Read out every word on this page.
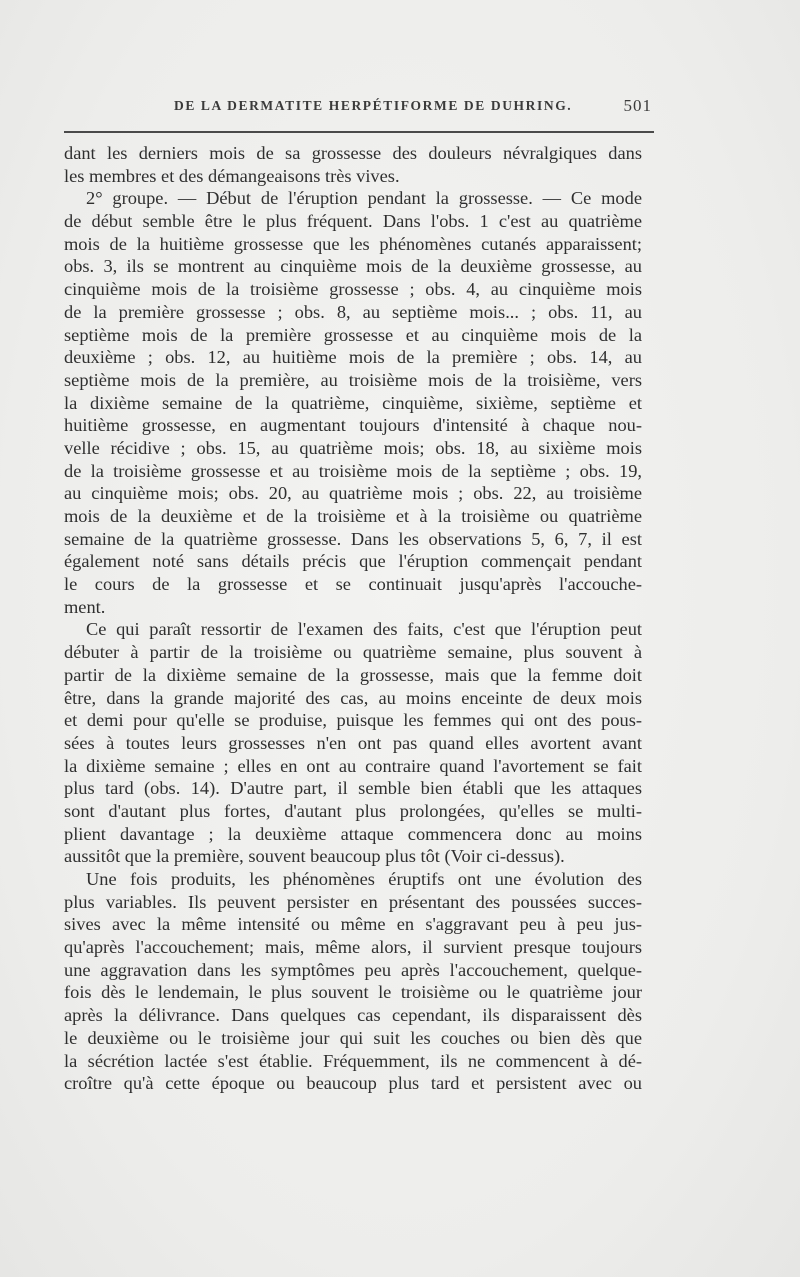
DE LA DERMATITE HERPÉTIFORME DE DUHRING.	501
dant les derniers mois de sa grossesse des douleurs névralgiques dans
les membres et des démangeaisons très vives.
2° groupe. — Début de l'éruption pendant la grossesse. — Ce mode
de début semble être le plus fréquent. Dans l'obs. 1 c'est au quatrième
mois de la huitième grossesse que les phénomènes cutanés apparaissent;
obs. 3, ils se montrent au cinquième mois de la deuxième grossesse, au
cinquième mois de la troisième grossesse ; obs. 4, au cinquième mois
de la première grossesse ; obs. 8, au septième mois... ; obs. 11, au
septième mois de la première grossesse et au cinquième mois de la
deuxième ; obs. 12, au huitième mois de la première ; obs. 14, au
septième mois de la première, au troisième mois de la troisième, vers
la dixième semaine de la quatrième, cinquième, sixième, septième et
huitième grossesse, en augmentant toujours d'intensité à chaque nou-
velle récidive ; obs. 15, au quatrième mois; obs. 18, au sixième mois
de la troisième grossesse et au troisième mois de la septième ; obs. 19,
au cinquième mois; obs. 20, au quatrième mois ; obs. 22, au troisième
mois de la deuxième et de la troisième et à la troisième ou quatrième
semaine de la quatrième grossesse. Dans les observations 5, 6, 7, il est
également noté sans détails précis que l'éruption commençait pendant
le cours de la grossesse et se continuait jusqu'après l'accouche-
ment.
Ce qui paraît ressortir de l'examen des faits, c'est que l'éruption peut
débuter à partir de la troisième ou quatrième semaine, plus souvent à
partir de la dixième semaine de la grossesse, mais que la femme doit
être, dans la grande majorité des cas, au moins enceinte de deux mois
et demi pour qu'elle se produise, puisque les femmes qui ont des pous-
sées à toutes leurs grossesses n'en ont pas quand elles avortent avant
la dixième semaine ; elles en ont au contraire quand l'avortement se fait
plus tard (obs. 14). D'autre part, il semble bien établi que les attaques
sont d'autant plus fortes, d'autant plus prolongées, qu'elles se multi-
plient davantage ; la deuxième attaque commencera donc au moins
aussitôt que la première, souvent beaucoup plus tôt (Voir ci-dessus).
Une fois produits, les phénomènes éruptifs ont une évolution des
plus variables. Ils peuvent persister en présentant des poussées succes-
sives avec la même intensité ou même en s'aggravant peu à peu jus-
qu'après l'accouchement; mais, même alors, il survient presque toujours
une aggravation dans les symptômes peu après l'accouchement, quelque-
fois dès le lendemain, le plus souvent le troisième ou le quatrième jour
après la délivrance. Dans quelques cas cependant, ils disparaissent dès
le deuxième ou le troisième jour qui suit les couches ou bien dès que
la sécrétion lactée s'est établie. Fréquemment, ils ne commencent à dé-
croître qu'à cette époque ou beaucoup plus tard et persistent avec ou
